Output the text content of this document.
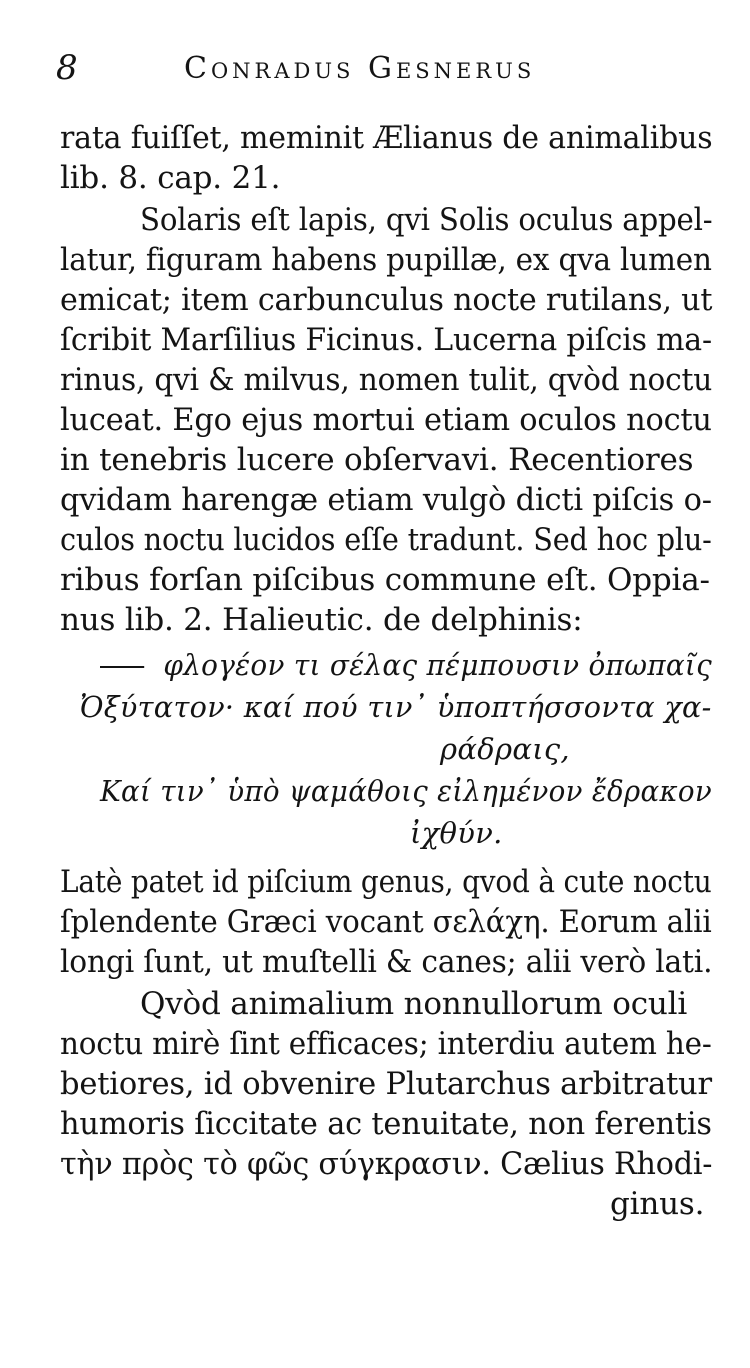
8	Conradus Gesnerus
rata fuiſſet, meminit Ælianus de animalibus
lib. 8. cap. 21.
Solaris eſt lapis, qvi Solis oculus appel-
latur, figuram habens pupillæ, ex qva lumen
emicat; item carbunculus nocte rutilans, ut
ſcribit Marſilius Ficinus. Lucerna piſcis ma-
rinus, qvi & milvus, nomen tulit, qvòd noctu
luceat. Ego ejus mortui etiam oculos noctu
in tenebris lucere obſervavi. Recentiores
qvidam harengæ etiam vulgò dicti piſcis o-
culos noctu lucidos eſſe tradunt. Sed hoc plu-
ribus forſan piſcibus commune eſt. Oppia-
nus lib. 2. Halieutic. de delphinis:
φλογέον τι σέλας πέμπουσιν ὀπωπαῖς
Ὀξύτατον· καί πού τιν᾿ ὑποπτήσσοντα χα-
ράδραις,
Καί τιν᾿ ὑπὸ ψαμάθοις εἰλημένον ἔδρακον
ἰχθύν.
Latè patet id piſcium genus, qvod à cute noctu
ſplendente Græci vocant σελάχη. Eorum alii
longi ſunt, ut muſtelli & canes; alii verò lati.
Qvòd animalium nonnullorum oculi
noctu mirè ſint efficaces; interdiu autem he-
betiores, id obvenire Plutarchus arbitratur
humoris ſiccitate ac tenuitate, non ferentis
τὴν πρὸς τὸ φῶς σύγκρασιν. Cælius Rhodi-
ginus.
